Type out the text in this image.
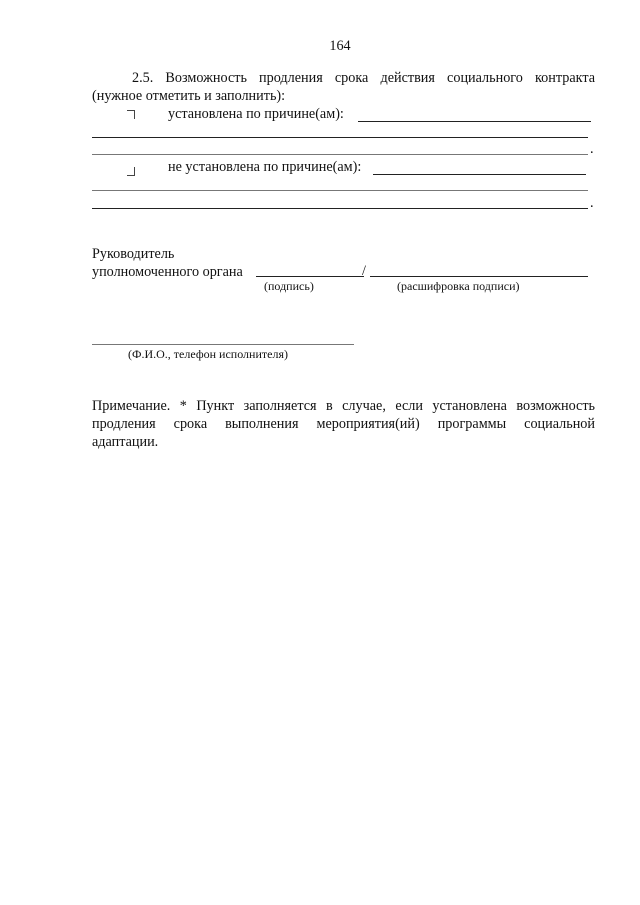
164
2.5. Возможность продления срока действия социального контракта
(нужное отметить и заполнить):
установлена по причине(ам):
.
не установлена по причине(ам):
.
Руководитель
уполномоченного органа	/
(подпись)	(расшифровка подписи)
(Ф.И.О., телефон исполнителя)
Примечание. * Пункт заполняется в случае, если установлена возможность
продления срока выполнения мероприятия(ий) программы социальной
адаптации.
